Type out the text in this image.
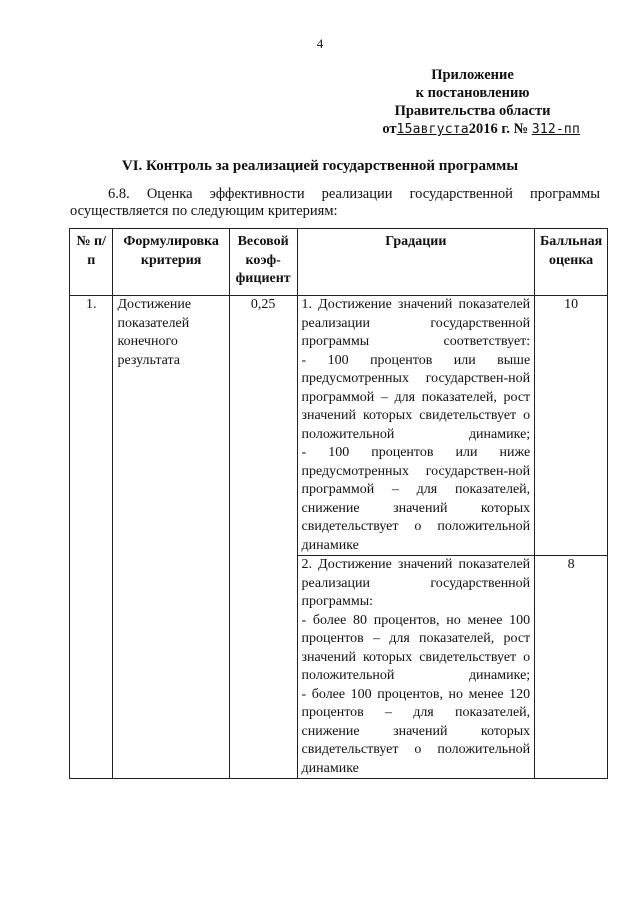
4
Приложение
к постановлению
Правительства области
от15августа2016 г. № 312-пп
VI. Контроль за реализацией государственной программы
6.8. Оценка эффективности реализации государственной программы осуществляется по следующим критериям:
№ п/п	Формулировка критерия	Весовой коэф-фициент	Градации	Балльная оценка
1.	Достижение показателей конечного результата	0,25	1. Достижение значений показателей реализации государственной программы соответствует:
- 100 процентов или выше предусмотренных государствен-ной программой – для показателей, рост значений которых свидетельствует о положительной динамике;
- 100 процентов или ниже предусмотренных государствен-ной программой – для показателей, снижение значений которых свидетельствует о положительной динамике	10

			2. Достижение значений показателей реализации государственной программы:
- более 80 процентов, но менее 100 процентов – для показателей, рост значений которых свидетельствует о положительной динамике;
- более 100 процентов, но менее 120 процентов – для показателей, снижение значений которых свидетельствует о положительной динамике	8
